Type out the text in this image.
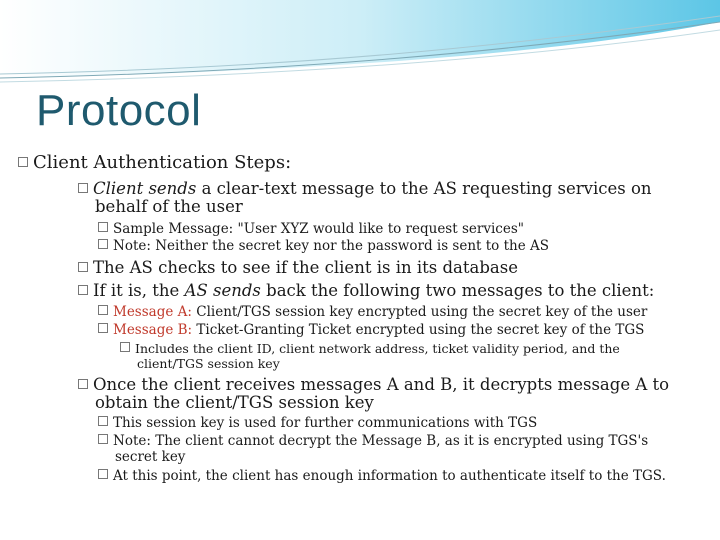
Protocol
Client Authentication Steps:
Client sends a clear-text message to the AS requesting services on
behalf of the user
Sample Message: "User XYZ would like to request services"
Note: Neither the secret key nor the password is sent to the AS
The AS checks to see if the client is in its database
If it is, the AS sends back the following two messages to the client:
Message A: Client/TGS session key encrypted using the secret key of the user
Message B: Ticket-Granting Ticket encrypted using the secret key of the TGS
Includes the client ID, client network address, ticket validity period, and the
client/TGS session key
Once the client receives messages A and B, it decrypts message A to
obtain the client/TGS session key
This session key is used for further communications with TGS
Note: The client cannot decrypt the Message B, as it is encrypted using TGS's
secret key
At this point, the client has enough information to authenticate itself to the TGS.
